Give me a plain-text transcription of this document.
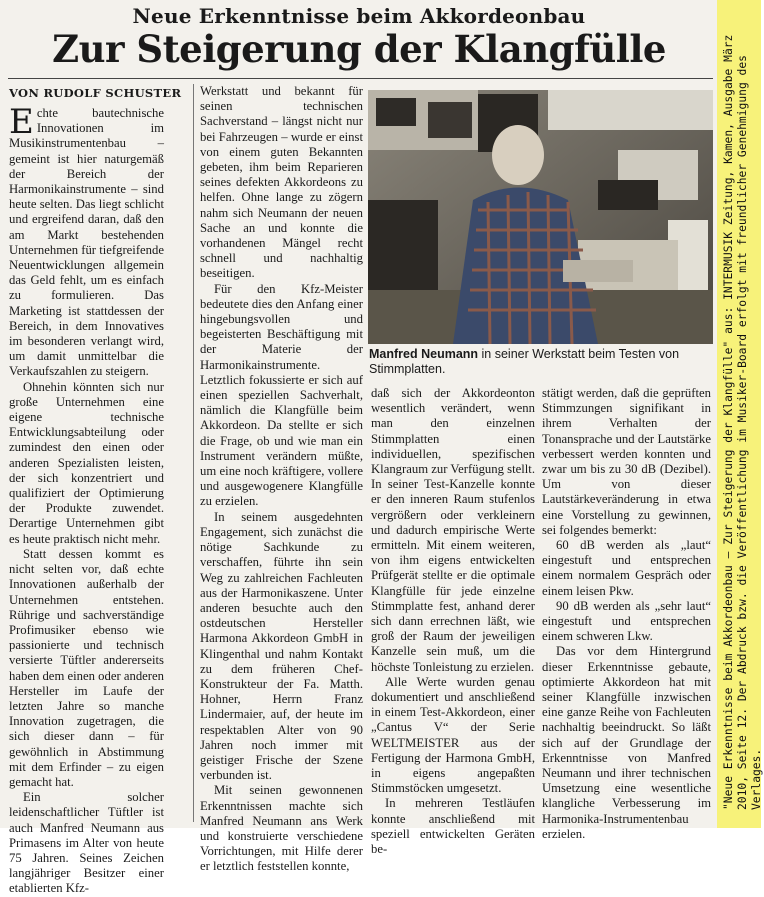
Neue Erkenntnisse beim Akkordeonbau
Zur Steigerung der Klangfülle
VON RUDOLF SCHUSTER

Echte bautechnische Innovationen im Musikinstrumentenbau – gemeint ist hier naturgemäß der Bereich der Harmonikainstrumente – sind heute selten. Das liegt schlicht und ergreifend daran, daß den am Markt bestehenden Unternehmen für tiefgreifende Neuentwicklungen allgemein das Geld fehlt, um es einfach zu formulieren. Das Marketing ist stattdessen der Bereich, in dem Innovatives im besonderen verlangt wird, um damit unmittelbar die Verkaufszahlen zu steigern.

Ohnehin könnten sich nur große Unternehmen eine eigene technische Entwicklungsabteilung oder zumindest den einen oder anderen Spezialisten leisten, der sich konzentriert und qualifiziert der Optimierung der Produkte zuwendet. Derartige Unternehmen gibt es heute praktisch nicht mehr.

Statt dessen kommt es nicht selten vor, daß echte Innovationen außerhalb der Unternehmen entstehen. Rührige und sachverständige Profimusiker ebenso wie passionierte und technisch versierte Tüftler andererseits haben dem einen oder anderen Hersteller im Laufe der letzten Jahre so manche Innovation zugetragen, die sich dieser dann – für gewöhnlich in Abstimmung mit dem Erfinder – zu eigen gemacht hat.

Ein solcher leidenschaftlicher Tüftler ist auch Manfred Neumann aus Primasens im Alter von heute 75 Jahren. Seines Zeichen langjähriger Besitzer einer etablierten Kfz-

Werkstatt und bekannt für seinen technischen Sachverstand – längst nicht nur bei Fahrzeugen – wurde er einst von einem guten Bekannten gebeten, ihm beim Reparieren seines defekten Akkordeons zu helfen. Ohne lange zu zögern nahm sich Neumann der neuen Sache an und konnte die vorhandenen Mängel recht schnell und nachhaltig beseitigen.

Für den Kfz-Meister bedeutete dies den Anfang einer hingebungsvollen und begeisterten Beschäftigung mit der Materie der Harmonikainstrumente. Letztlich fokussierte er sich auf einen speziellen Sachverhalt, nämlich die Klangfülle beim Akkordeon. Da stellte er sich die Frage, ob und wie man ein Instrument verändern müßte, um eine noch kräftigere, vollere und ausgewogenere Klangfülle zu erzielen.

In seinem ausgedehnten Engagement, sich zunächst die nötige Sachkunde zu verschaffen, führte ihn sein Weg zu zahlreichen Fachleuten aus der Harmonikaszene. Unter anderen besuchte auch den ostdeutschen Hersteller Harmona Akkordeon GmbH in Klingenthal und nahm Kontakt zu dem früheren Chef-Konstrukteur der Fa. Matth. Hohner, Herrn Franz Lindermaier, auf, der heute im respektablen Alter von 90 Jahren noch immer mit geistiger Frische der Szene verbunden ist.

Mit seinen gewonnenen Erkenntnissen machte sich Manfred Neumann ans Werk und konstruierte verschiedene Vorrichtungen, mit Hilfe derer er letztlich feststellen konnte,

Manfred Neumann in seiner Werkstatt beim Testen von Stimmplatten.

daß sich der Akkordeonton wesentlich verändert, wenn man den einzelnen Stimmplatten einen individuellen, spezifischen Klangraum zur Verfügung stellt. In seiner Test-Kanzelle konnte er den inneren Raum stufenlos vergrößern oder verkleinern und dadurch empirische Werte ermitteln. Mit einem weiteren, von ihm eigens entwickelten Prüfgerät stellte er die optimale Klangfülle für jede einzelne Stimmplatte fest, anhand derer sich dann errechnen läßt, wie groß der Raum der jeweiligen Kanzelle sein muß, um die höchste Tonleistung zu erzielen.

Alle Werte wurden genau dokumentiert und anschließend in einem Test-Akkordeon, einer „Cantus V“ der Serie WELTMEISTER aus der Fertigung der Harmona GmbH, in eigens angepaßten Stimmstöcken umgesetzt.

In mehreren Testläufen konnte anschließend mit speziell entwickelten Geräten be-

stätigt werden, daß die geprüften Stimmzungen signifikant in ihrem Verhalten der Tonansprache und der Lautstärke verbessert werden konnten und zwar um bis zu 30 dB (Dezibel). Um von dieser Lautstärkeveränderung in etwa eine Vorstellung zu gewinnen, sei folgendes bemerkt:

60 dB werden als „laut“ eingestuft und entsprechen einem normalem Gespräch oder einem leisen Pkw.

90 dB werden als „sehr laut“ eingestuft und entsprechen einem schweren Lkw.

Das vor dem Hintergrund dieser Erkenntnisse gebaute, optimierte Akkordeon hat mit seiner Klangfülle inzwischen eine ganze Reihe von Fachleuten nachhaltig beeindruckt. So läßt sich auf der Grundlage der Erkenntnisse von Manfred Neumann und ihrer technischen Umsetzung eine wesentliche klangliche Verbesserung im Harmonika-Instrumentenbau erzielen.

"Neue Erkenntnisse beim Akkordeonbau – Zur Steigerung der Klangfülle" aus: INTERMUSIK Zeitung, Kamen, Ausgabe März 2010, Seite 12. Der Abdruck bzw. die Veröffentlichung im Musiker-Board erfolgt mit freundlicher Genehmigung des Verlages.
